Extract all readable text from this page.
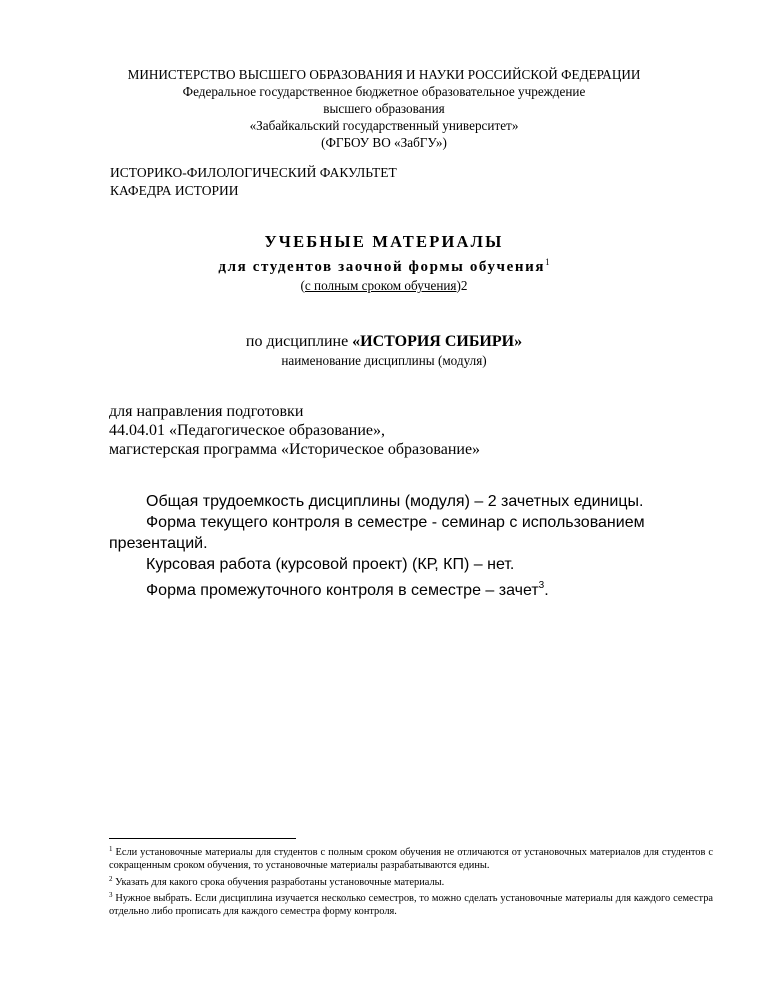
МИНИСТЕРСТВО ВЫСШЕГО ОБРАЗОВАНИЯ И НАУКИ РОССИЙСКОЙ ФЕДЕРАЦИИ
Федеральное государственное бюджетное образовательное учреждение
высшего образования
«Забайкальский государственный университет»
(ФГБОУ ВО «ЗабГУ»)
ИСТОРИКО-ФИЛОЛОГИЧЕСКИЙ ФАКУЛЬТЕТ
КАФЕДРА ИСТОРИИ
УЧЕБНЫЕ МАТЕРИАЛЫ
для студентов заочной формы обучения$^1$
(с полным сроком обучения)2
по дисциплине «ИСТОРИЯ СИБИРИ»
наименование дисциплины (модуля)
для направления подготовки
44.04.01 «Педагогическое образование»,
магистерская программа «Историческое образование»
Общая трудоемкость дисциплины (модуля) – 2 зачетных единицы.
Форма текущего контроля в семестре - семинар с использованием
презентаций.
Курсовая работа (курсовой проект) (КР, КП) – нет.
Форма промежуточного контроля в семестре – зачет$^3$.
$^1$ Если установочные материалы для студентов с полным сроком обучения не отличаются от установочных материалов для студентов с сокращенным сроком обучения, то установочные материалы разрабатываются едины.
$^2$ Указать для какого срока обучения разработаны установочные материалы.
$^3$ Нужное выбрать. Если дисциплина изучается несколько семестров, то можно сделать установочные материалы для каждого семестра отдельно либо прописать для каждого семестра форму контроля.
